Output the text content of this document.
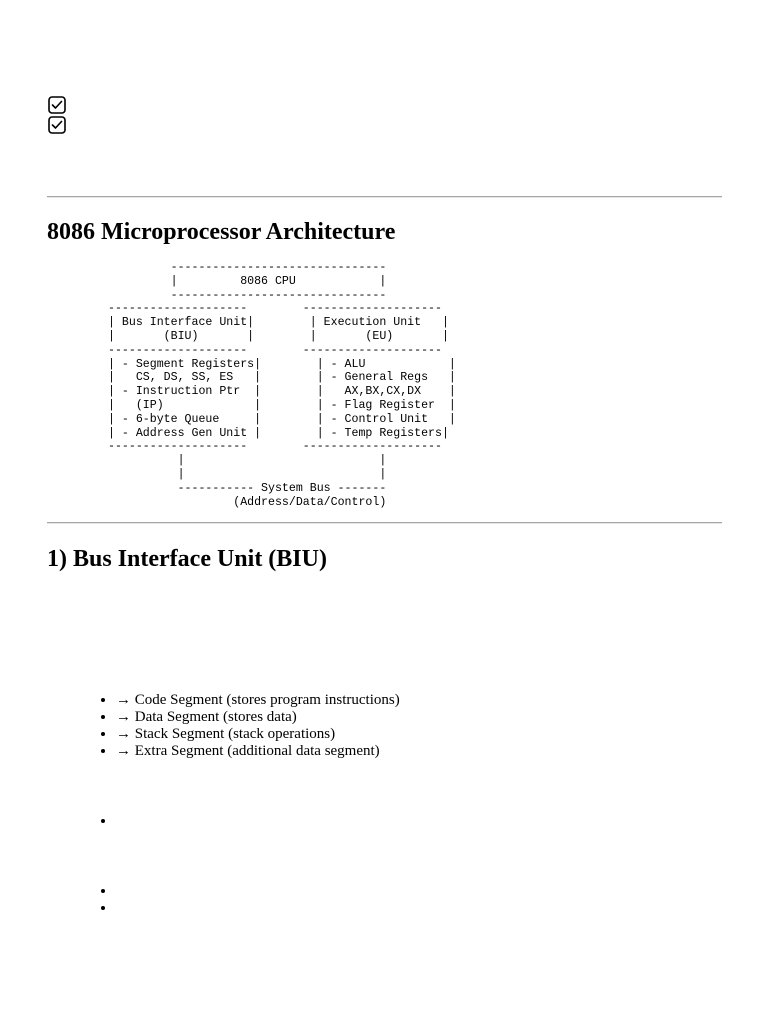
8086 Microprocessor Architecture
-------------------------------
|         8086 CPU            |
-------------------------------
--------------------        --------------------
| Bus Interface Unit|        | Execution Unit   |
|       (BIU)       |        |       (EU)       |
--------------------        --------------------
| - Segment Registers|        | - ALU            |
|   CS, DS, SS, ES   |        | - General Regs   |
| - Instruction Ptr  |        |   AX,BX,CX,DX    |
|   (IP)             |        | - Flag Register  |
| - 6-byte Queue     |        | - Control Unit   |
| - Address Gen Unit |        | - Temp Registers|
--------------------        --------------------
|                            |
|                            |
----------- System Bus -------
(Address/Data/Control)
1) Bus Interface Unit (BIU)
• → Code Segment (stores program instructions)
• → Data Segment (stores data)
• → Stack Segment (stack operations)
• → Extra Segment (additional data segment)
